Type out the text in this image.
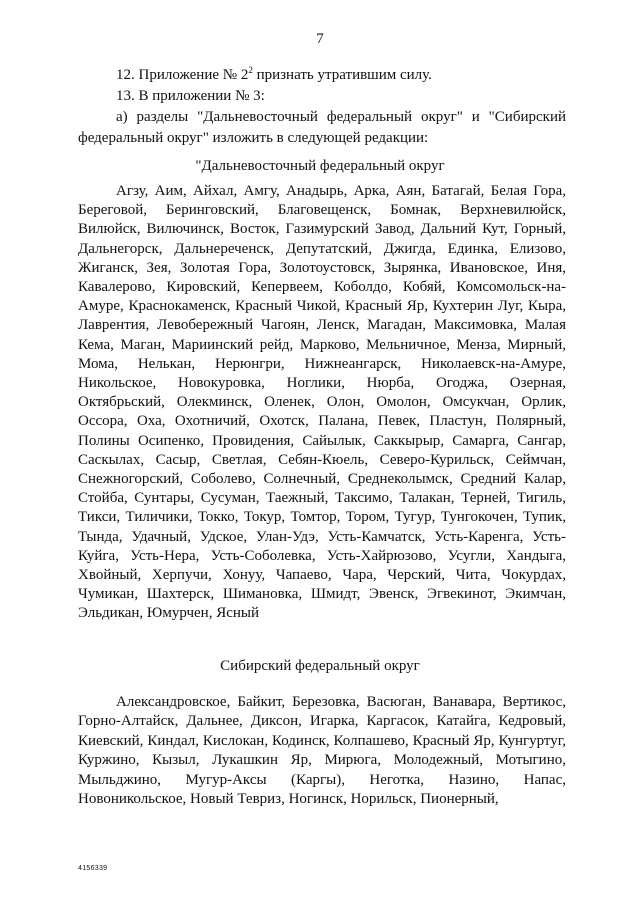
7

12. Приложение № $2^2$ признать утратившим силу.

13. В приложении № 3:

а) разделы "Дальневосточный федеральный округ" и "Сибирский федеральный округ" изложить в следующей редакции:

"Дальневосточный федеральный округ

Агзу, Аим, Айхал, Амгу, Анадырь, Арка, Аян, Батагай, Белая Гора, Береговой, Беринговский, Благовещенск, Бомнак, Верхневилюйск, Вилюйск, Вилючинск, Восток, Газимурский Завод, Дальний Кут, Горный, Дальнегорск, Дальнереченск, Депутатский, Джигда, Единка, Елизово, Жиганск, Зея, Золотая Гора, Золотоустовск, Зырянка, Ивановское, Иня, Кавалерово, Кировский, Кепервеем, Коболдо, Кобяй, Комсомольск-на-Амуре, Краснокаменск, Красный Чикой, Красный Яр, Кухтерин Луг, Кыра, Лаврентия, Левобережный Чагоян, Ленск, Магадан, Максимовка, Малая Кема, Маган, Мариинский рейд, Марково, Мельничное, Менза, Мирный, Мома, Нелькан, Нерюнгри, Нижнеангарск, Николаевск-на-Амуре, Никольское, Новокуровка, Ноглики, Нюрба, Огоджа, Озерная, Октябрьский, Олекминск, Оленек, Олон, Омолон, Омсукчан, Орлик, Оссора, Оха, Охотничий, Охотск, Палана, Певек, Пластун, Полярный, Полины Осипенко, Провидения, Сайылык, Саккырыр, Самарга, Сангар, Саскылах, Сасыр, Светлая, Себян-Кюель, Северо-Курильск, Сеймчан, Снежногорский, Соболево, Солнечный, Среднеколымск, Средний Калар, Стойба, Сунтары, Сусуман, Таежный, Таксимо, Талакан, Терней, Тигиль, Тикси, Тиличики, Токко, Токур, Томтор, Тором, Тугур, Тунгокочен, Тупик, Тында, Удачный, Удское, Улан-Удэ, Усть-Камчатск, Усть-Каренга, Усть-Куйга, Усть-Нера, Усть-Соболевка, Усть-Хайрюзово, Усугли, Хандыга, Хвойный, Херпучи, Хонуу, Чапаево, Чара, Черский, Чита, Чокурдах, Чумикан, Шахтерск, Шимановка, Шмидт, Эвенск, Эгвекинот, Экимчан, Эльдикан, Юмурчен, Ясный

Сибирский федеральный округ

Александровское, Байкит, Березовка, Васюган, Ванавара, Вертикос, Горно-Алтайск, Дальнее, Диксон, Игарка, Каргасок, Катайга, Кедровый, Киевский, Киндал, Кислокан, Кодинск, Колпашево, Красный Яр, Кунгуртуг, Куржино, Кызыл, Лукашкин Яр, Мирюга, Молодежный, Мотыгино, Мыльджино, Мугур-Аксы (Каргы), Неготка, Назино, Напас, Новоникольское, Новый Тевриз, Ногинск, Норильск, Пионерный,

4156339
